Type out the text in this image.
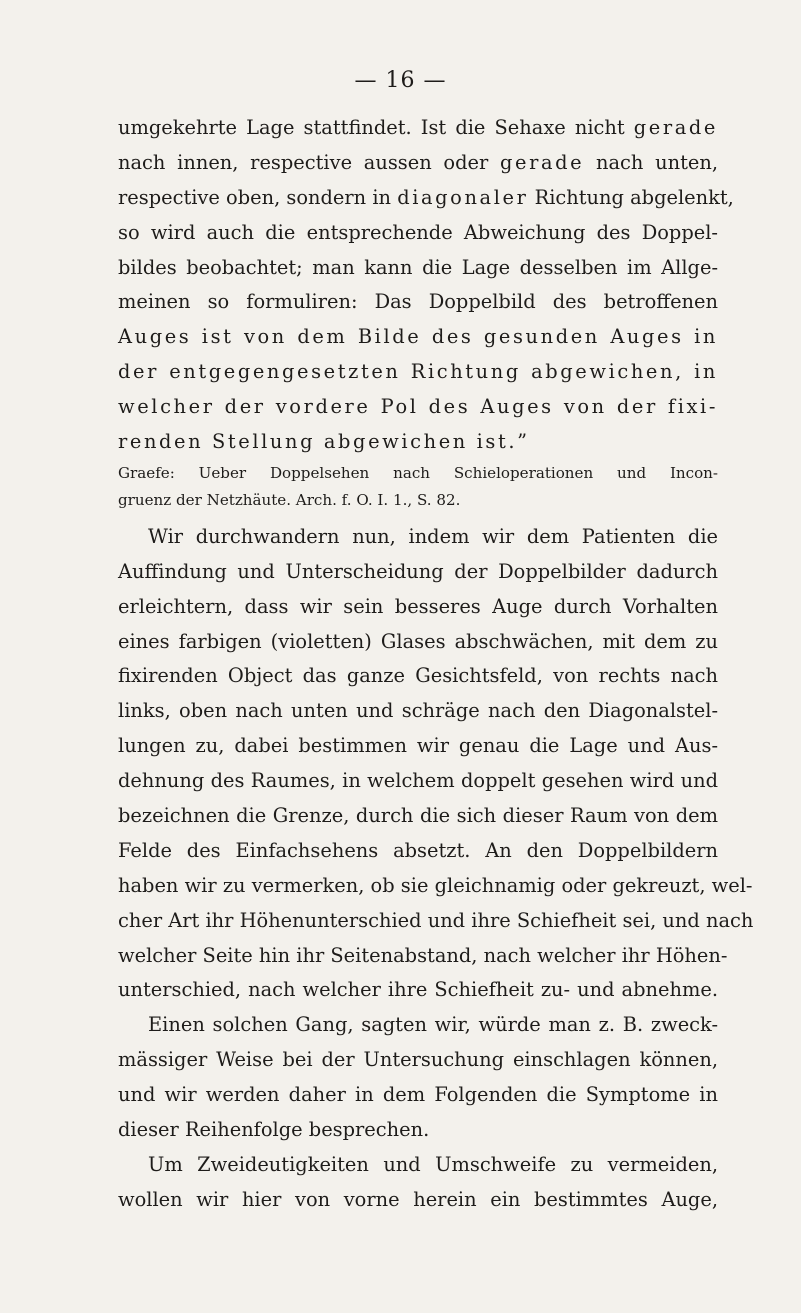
— 16 —
umgekehrte Lage stattfindet. Ist die Sehaxe nicht gerade
nach innen, respective aussen oder gerade nach unten,
respective oben, sondern in diagonaler Richtung abgelenkt,
so wird auch die entsprechende Abweichung des Doppel-
bildes beobachtet; man kann die Lage desselben im Allge-
meinen so formuliren: Das Doppelbild des betroffenen
Auges ist von dem Bilde des gesunden Auges in
der entgegengesetzten Richtung abgewichen, in
welcher der vordere Pol des Auges von der fixi-
renden Stellung abgewichen ist.”
Graefe: Ueber Doppelsehen nach Schieloperationen und Incon-
gruenz der Netzhäute. Arch. f. O. I. 1., S. 82.
Wir durchwandern nun, indem wir dem Patienten die
Auffindung und Unterscheidung der Doppelbilder dadurch
erleichtern, dass wir sein besseres Auge durch Vorhalten
eines farbigen (violetten) Glases abschwächen, mit dem zu
fixirenden Object das ganze Gesichtsfeld, von rechts nach
links, oben nach unten und schräge nach den Diagonalstel-
lungen zu, dabei bestimmen wir genau die Lage und Aus-
dehnung des Raumes, in welchem doppelt gesehen wird und
bezeichnen die Grenze, durch die sich dieser Raum von dem
Felde des Einfachsehens absetzt. An den Doppelbildern
haben wir zu vermerken, ob sie gleichnamig oder gekreuzt, wel-
cher Art ihr Höhenunterschied und ihre Schiefheit sei, und nach
welcher Seite hin ihr Seitenabstand, nach welcher ihr Höhen-
unterschied, nach welcher ihre Schiefheit zu- und abnehme.
Einen solchen Gang, sagten wir, würde man z. B. zweck-
mässiger Weise bei der Untersuchung einschlagen können,
und wir werden daher in dem Folgenden die Symptome in
dieser Reihenfolge besprechen.
Um Zweideutigkeiten und Umschweife zu vermeiden,
wollen wir hier von vorne herein ein bestimmtes Auge,
